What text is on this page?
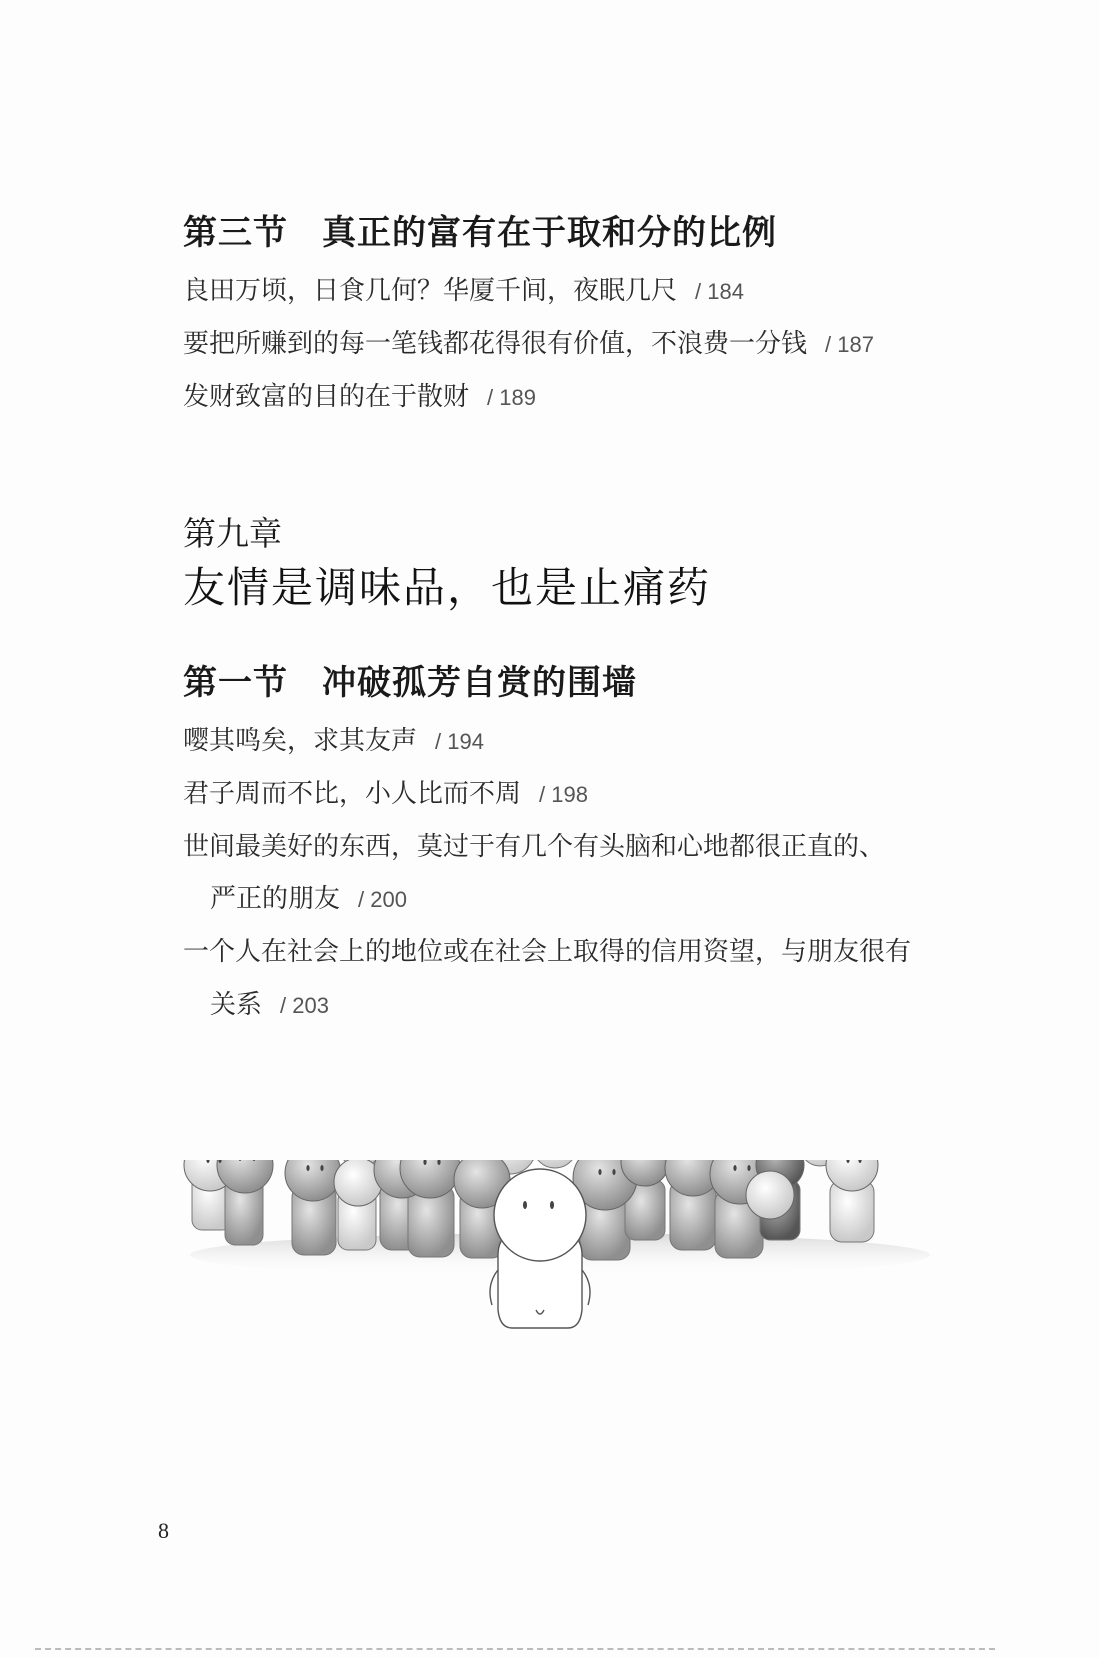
第三节 真正的富有在于取和分的比例
良田万顷，日食几何？华厦千间，夜眠几尺 / 184
要把所赚到的每一笔钱都花得很有价值，不浪费一分钱 / 187
发财致富的目的在于散财 / 189
第九章
友情是调味品，也是止痛药
第一节 冲破孤芳自赏的围墙
嘤其鸣矣，求其友声 / 194
君子周而不比，小人比而不周 / 198
世间最美好的东西，莫过于有几个有头脑和心地都很正直的、
严正的朋友 / 200
一个人在社会上的地位或在社会上取得的信用资望，与朋友很有
关系 / 203
8
